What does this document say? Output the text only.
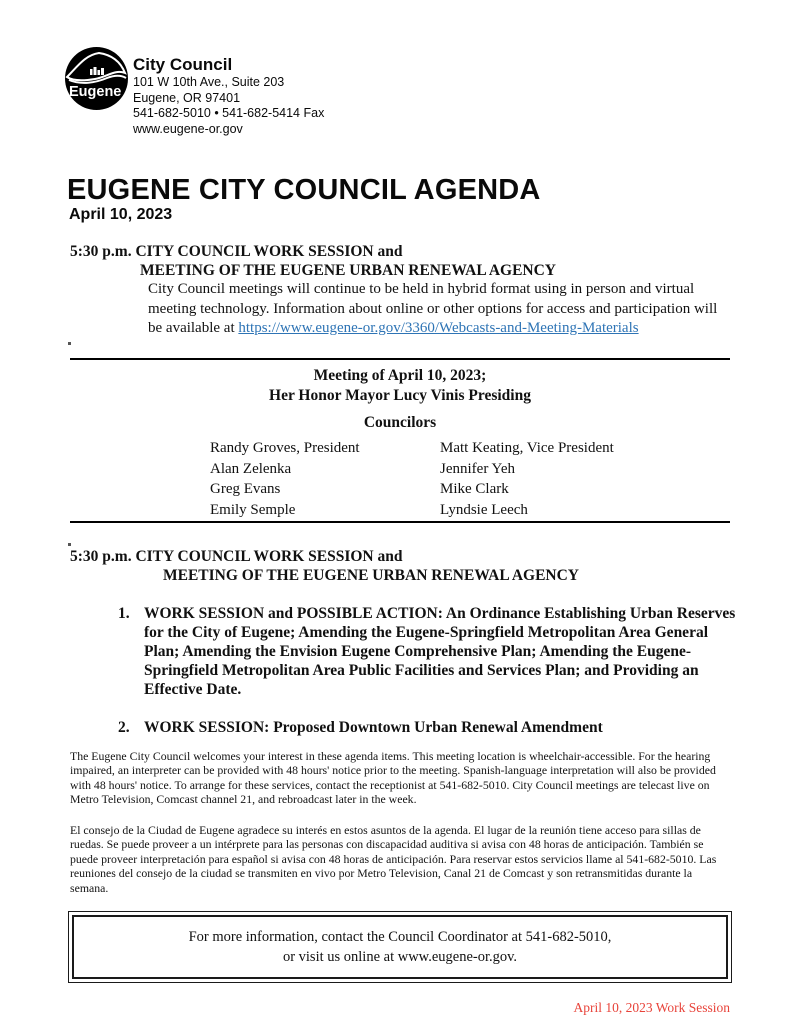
Eugene
City Council
101 W 10th Ave., Suite 203
Eugene, OR 97401
541-682-5010 • 541-682-5414 Fax
www.eugene-or.gov
EUGENE CITY COUNCIL AGENDA
April 10, 2023
5:30 p.m. CITY COUNCIL WORK SESSION and
MEETING OF THE EUGENE URBAN RENEWAL AGENCY
City Council meetings will continue to be held in hybrid format using in person and virtual meeting technology. Information about online or other options for access and participation will be available at https://www.eugene-or.gov/3360/Webcasts-and-Meeting-Materials
Meeting of April 10, 2023;
Her Honor Mayor Lucy Vinis Presiding
Councilors
Randy Groves, President
Alan Zelenka
Greg Evans
Emily Semple
Matt Keating, Vice President
Jennifer Yeh
Mike Clark
Lyndsie Leech
5:30 p.m. CITY COUNCIL WORK SESSION and
MEETING OF THE EUGENE URBAN RENEWAL AGENCY
1. WORK SESSION and POSSIBLE ACTION: An Ordinance Establishing Urban Reserves for the City of Eugene; Amending the Eugene-Springfield Metropolitan Area General Plan; Amending the Envision Eugene Comprehensive Plan; Amending the Eugene-Springfield Metropolitan Area Public Facilities and Services Plan; and Providing an Effective Date.
2. WORK SESSION: Proposed Downtown Urban Renewal Amendment
The Eugene City Council welcomes your interest in these agenda items. This meeting location is wheelchair-accessible. For the hearing impaired, an interpreter can be provided with 48 hours' notice prior to the meeting. Spanish-language interpretation will also be provided with 48 hours' notice. To arrange for these services, contact the receptionist at 541-682-5010. City Council meetings are telecast live on Metro Television, Comcast channel 21, and rebroadcast later in the week.
El consejo de la Ciudad de Eugene agradece su interés en estos asuntos de la agenda. El lugar de la reunión tiene acceso para sillas de ruedas. Se puede proveer a un intérprete para las personas con discapacidad auditiva si avisa con 48 horas de anticipación. También se puede proveer interpretación para español si avisa con 48 horas de anticipación. Para reservar estos servicios llame al 541-682-5010. Las reuniones del consejo de la ciudad se transmiten en vivo por Metro Television, Canal 21 de Comcast y son retransmitidas durante la semana.
For more information, contact the Council Coordinator at 541-682-5010,
or visit us online at www.eugene-or.gov.
April 10, 2023 Work Session
